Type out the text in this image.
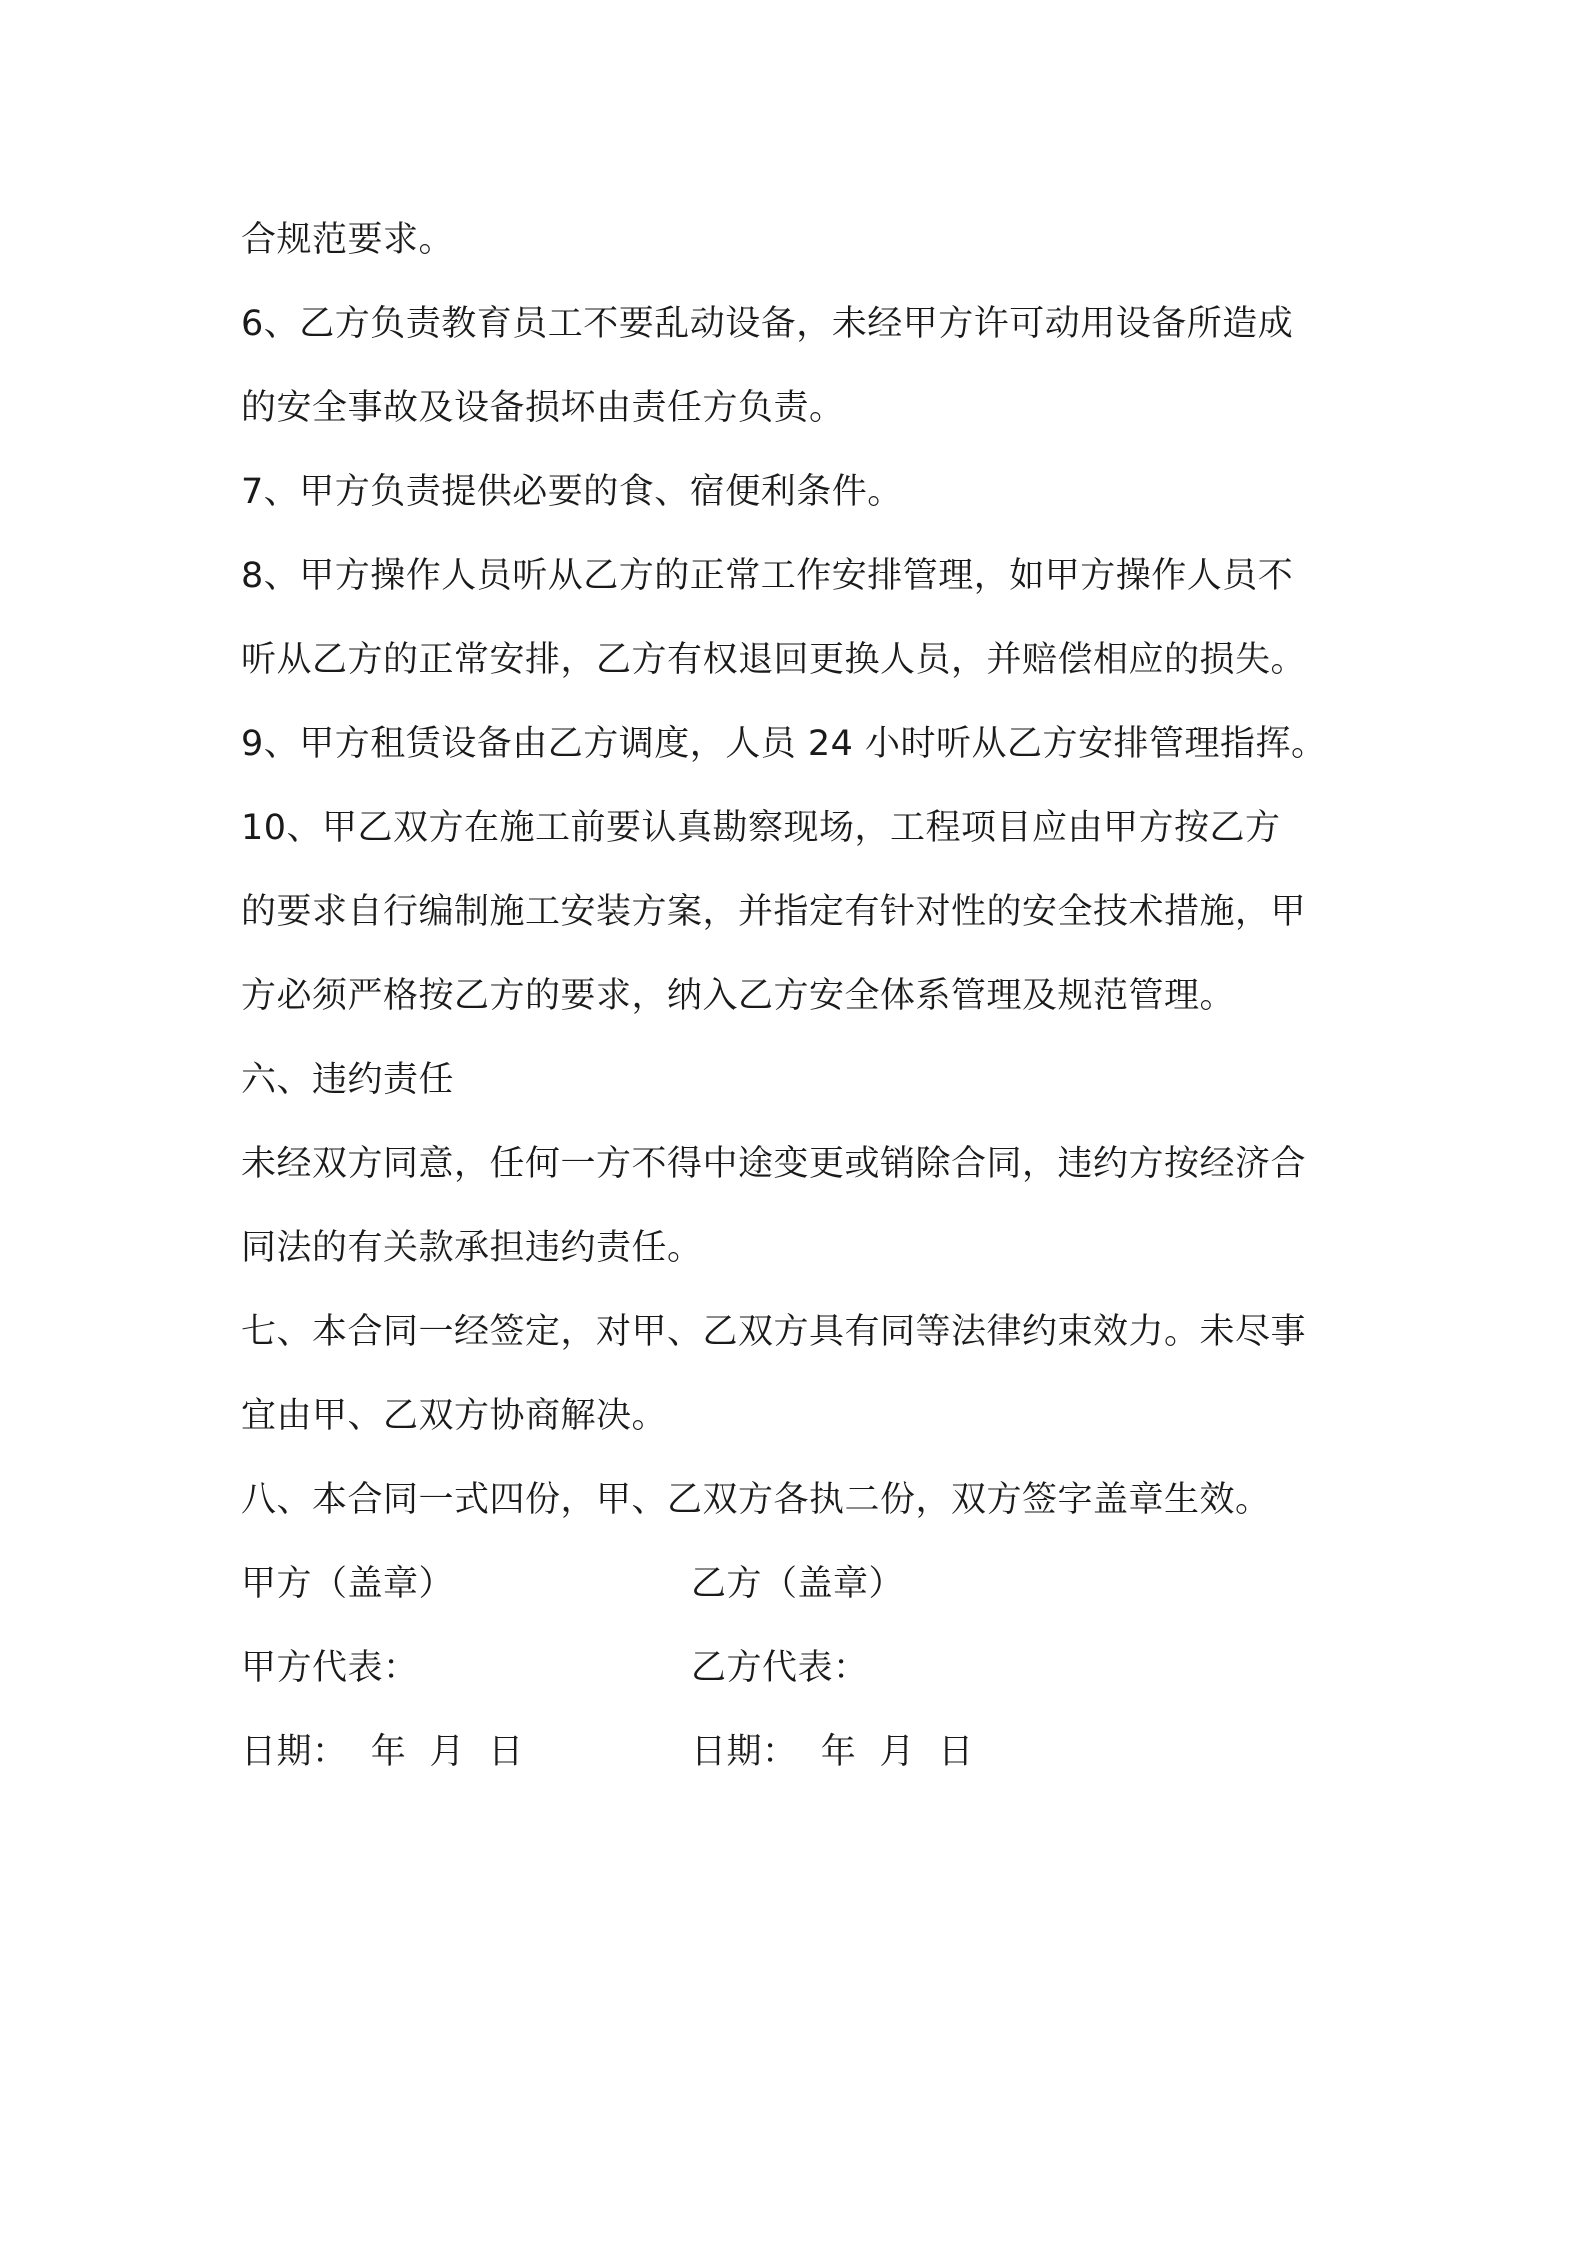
合规范要求。
6、乙方负责教育员工不要乱动设备，未经甲方许可动用设备所造成
的安全事故及设备损坏由责任方负责。
7、甲方负责提供必要的食、宿便利条件。
8、甲方操作人员听从乙方的正常工作安排管理，如甲方操作人员不
听从乙方的正常安排，乙方有权退回更换人员，并赔偿相应的损失。
9、甲方租赁设备由乙方调度，人员 24 小时听从乙方安排管理指挥。
10、甲乙双方在施工前要认真勘察现场，工程项目应由甲方按乙方
的要求自行编制施工安装方案，并指定有针对性的安全技术措施，甲
方必须严格按乙方的要求，纳入乙方安全体系管理及规范管理。
六、违约责任
未经双方同意，任何一方不得中途变更或销除合同，违约方按经济合
同法的有关款承担违约责任。
七、本合同一经签定，对甲、乙双方具有同等法律约束效力。未尽事
宜由甲、乙双方协商解决。
八、本合同一式四份，甲、乙双方各执二份，双方签字盖章生效。
甲方（盖章）	乙方（盖章）
甲方代表：	乙方代表：
日期：  年  月  日	日期：  年  月  日
